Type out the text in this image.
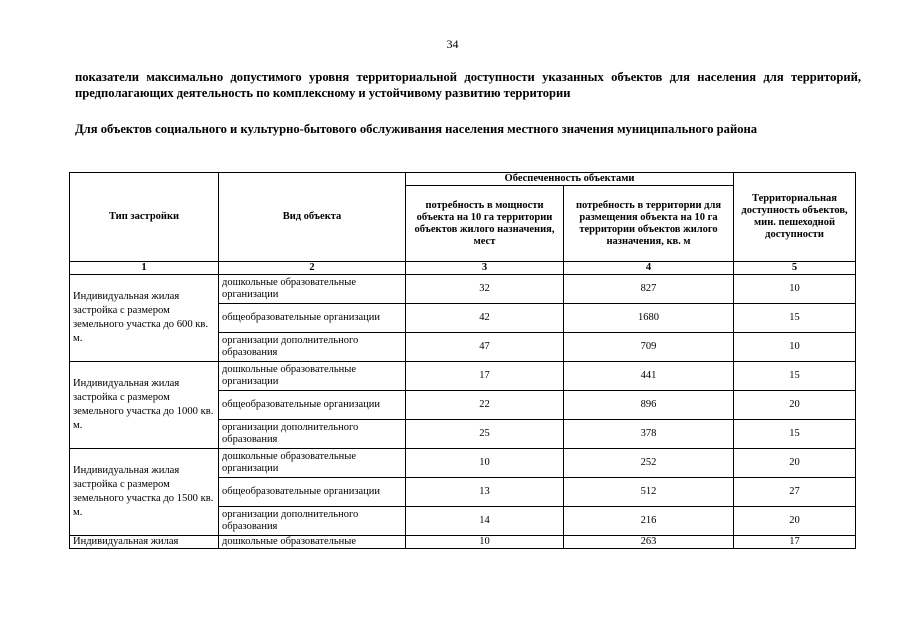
34
показатели максимально допустимого уровня территориальной доступности указанных объектов для населения для территорий, предполагающих деятельность по комплексному и устойчивому развитию территории
Для объектов социального и культурно-бытового обслуживания населения местного значения муниципального района
Тип застройки	Вид объекта	Обеспеченность объектами		Территориальная доступность объектов, мин. пешеходной доступности
		потребность в мощности объекта на 10 га территории объектов жилого назначения, мест	потребность в территории для размещения объекта на 10 га территории объектов жилого назначения, кв. м	
1	2	3	4	5
Индивидуальная жилая застройка с размером земельного участка до 600 кв. м.	дошкольные образовательные организации	32	827	10
	общеобразовательные организации	42	1680	15
	организации дополнительного образования	47	709	10
Индивидуальная жилая застройка с размером земельного участка до 1000 кв. м.	дошкольные образовательные организации	17	441	15
	общеобразовательные организации	22	896	20
	организации дополнительного образования	25	378	15
Индивидуальная жилая застройка с размером земельного участка до 1500 кв. м.	дошкольные образовательные организации	10	252	20
	общеобразовательные организации	13	512	27
	организации дополнительного образования	14	216	20
Индивидуальная жилая	дошкольные образовательные	10	263	17
